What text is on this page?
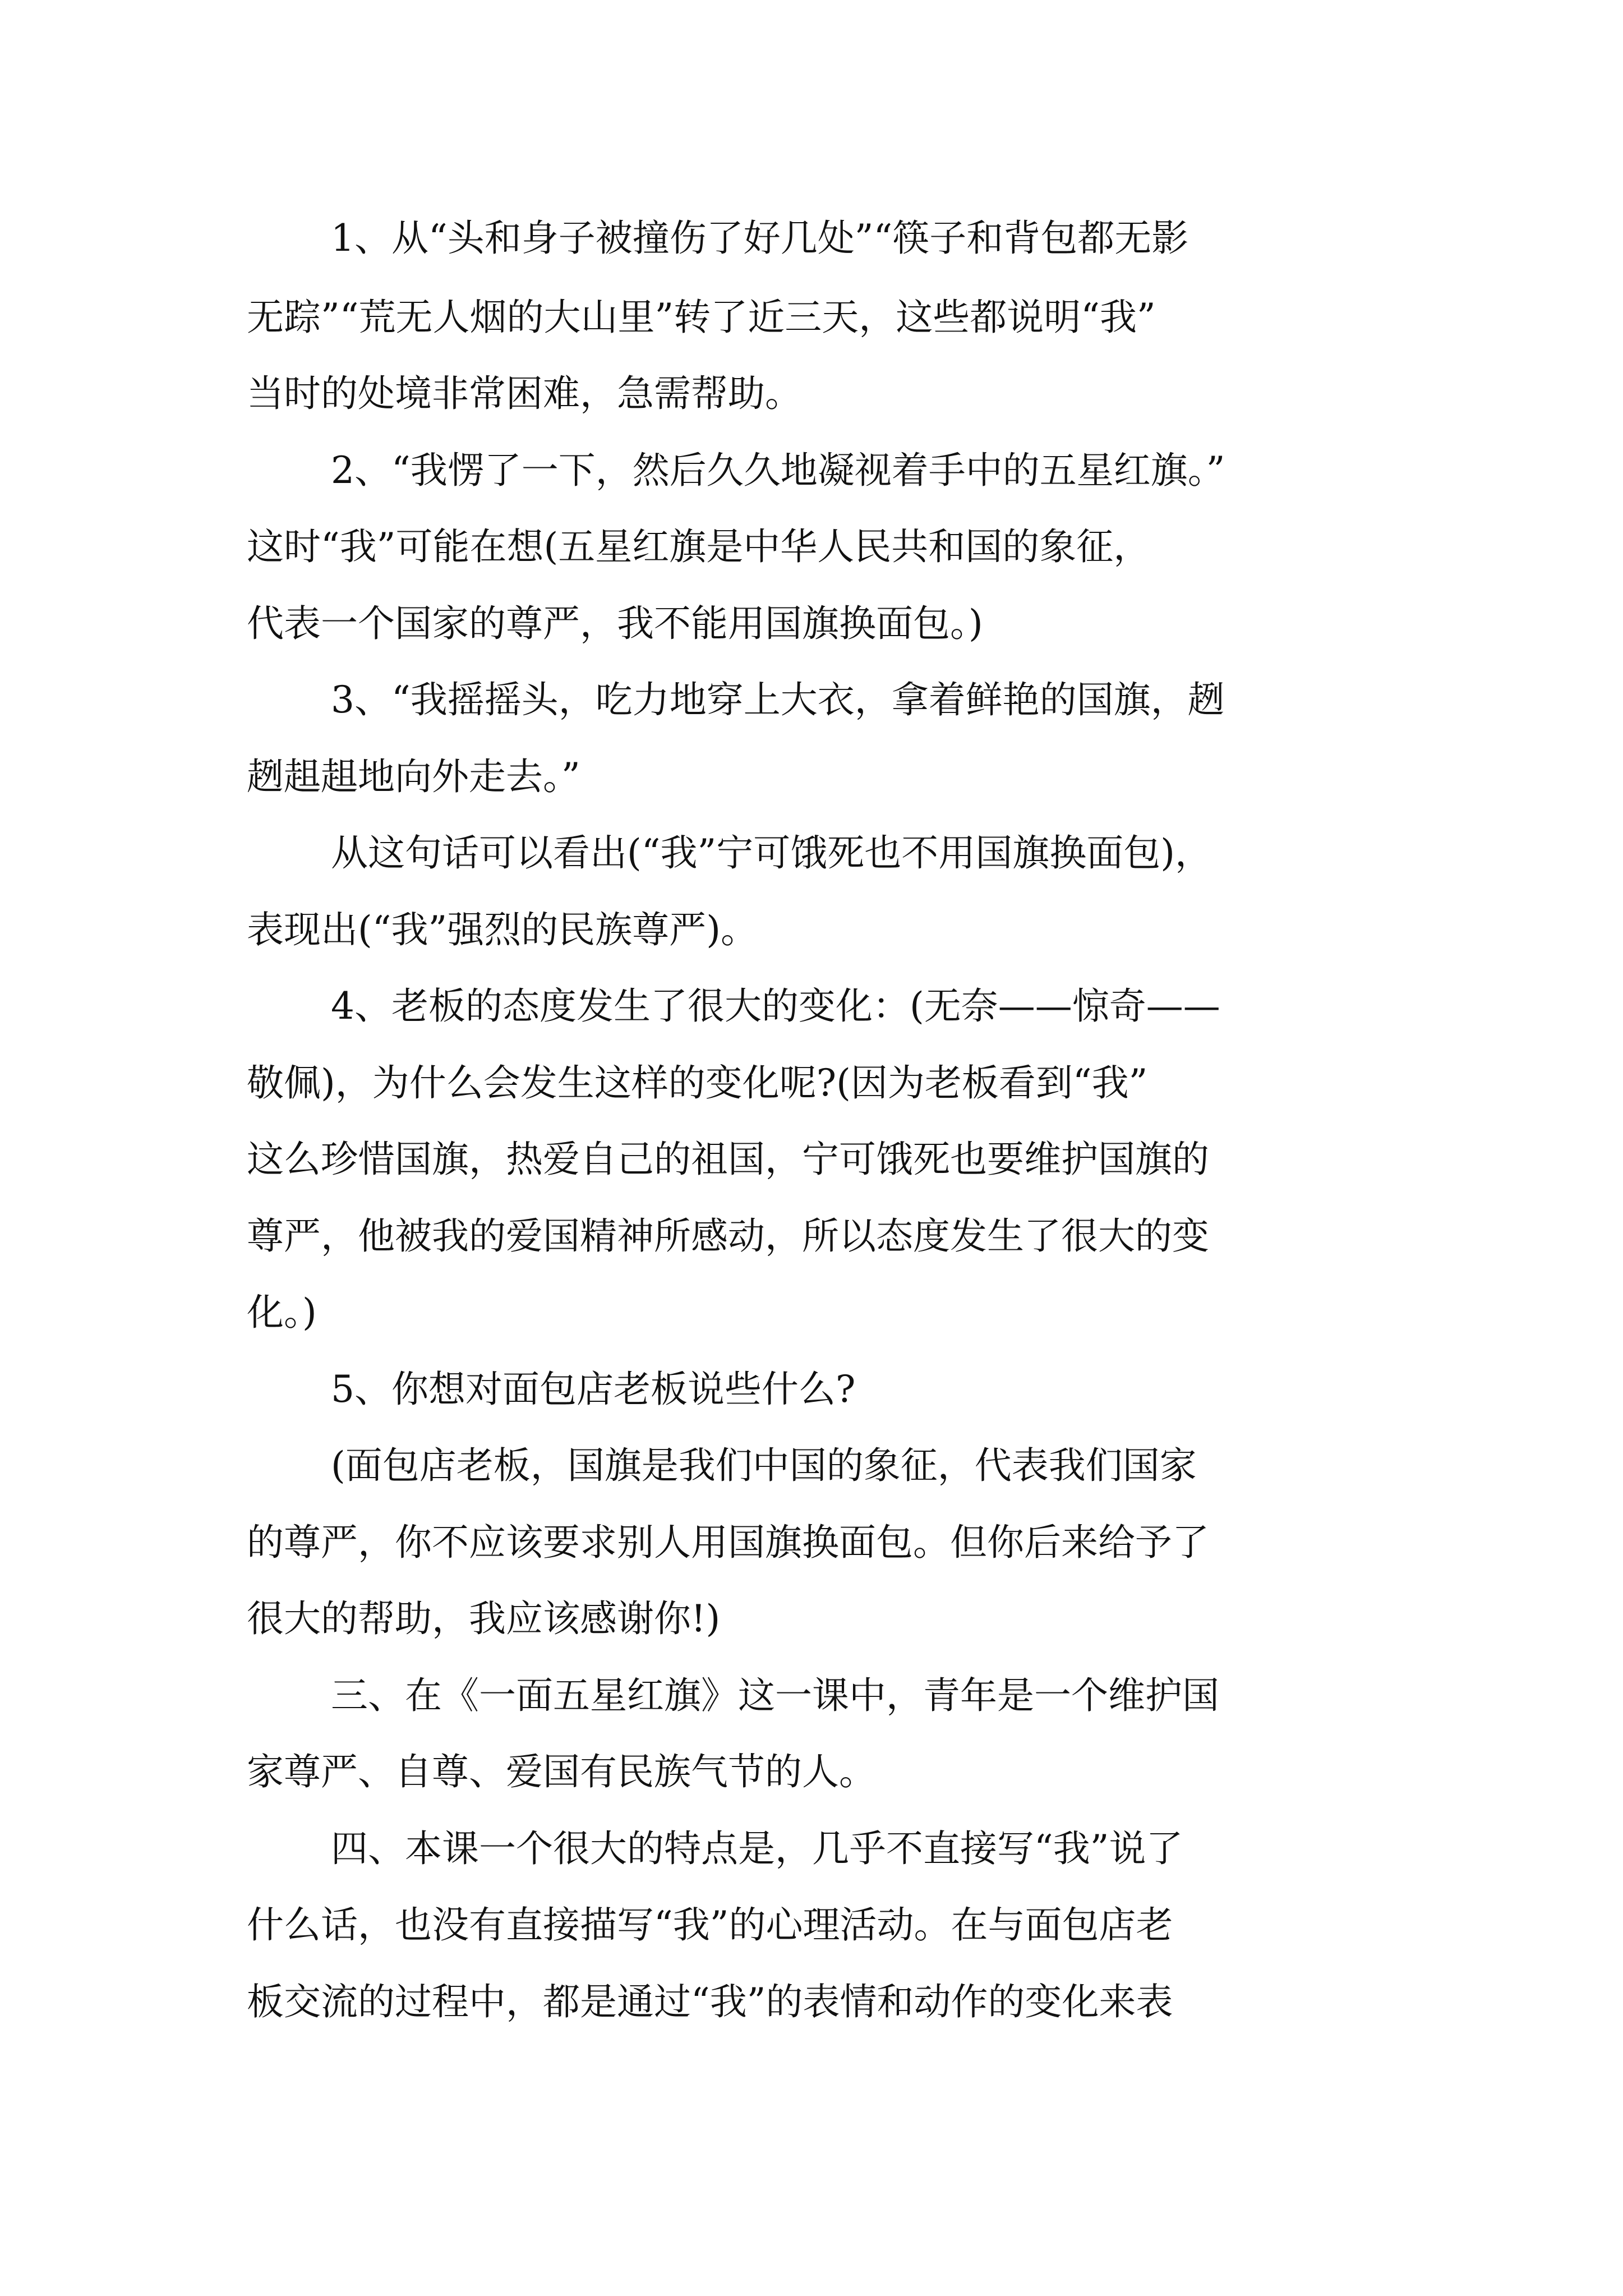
1、从“头和身子被撞伤了好几处”“筷子和背包都无影
无踪”“荒无人烟的大山里”转了近三天，这些都说明“我”
当时的处境非常困难，急需帮助。
2、“我愣了一下，然后久久地凝视着手中的五星红旗。”
这时“我”可能在想(五星红旗是中华人民共和国的象征，
代表一个国家的尊严，我不能用国旗换面包。)
3、“我摇摇头，吃力地穿上大衣，拿着鲜艳的国旗，趔
趔趄趄地向外走去。”
从这句话可以看出(“我”宁可饿死也不用国旗换面包)，
表现出(“我”强烈的民族尊严)。
4、老板的态度发生了很大的变化：(无奈——惊奇——
敬佩)，为什么会发生这样的变化呢?(因为老板看到“我”
这么珍惜国旗，热爱自己的祖国，宁可饿死也要维护国旗的
尊严，他被我的爱国精神所感动，所以态度发生了很大的变
化。)
5、你想对面包店老板说些什么?
(面包店老板，国旗是我们中国的象征，代表我们国家
的尊严，你不应该要求别人用国旗换面包。但你后来给予了
很大的帮助，我应该感谢你!)
三、在《一面五星红旗》这一课中，青年是一个维护国
家尊严、自尊、爱国有民族气节的人。
四、本课一个很大的特点是，几乎不直接写“我”说了
什么话，也没有直接描写“我”的心理活动。在与面包店老
板交流的过程中，都是通过“我”的表情和动作的变化来表
